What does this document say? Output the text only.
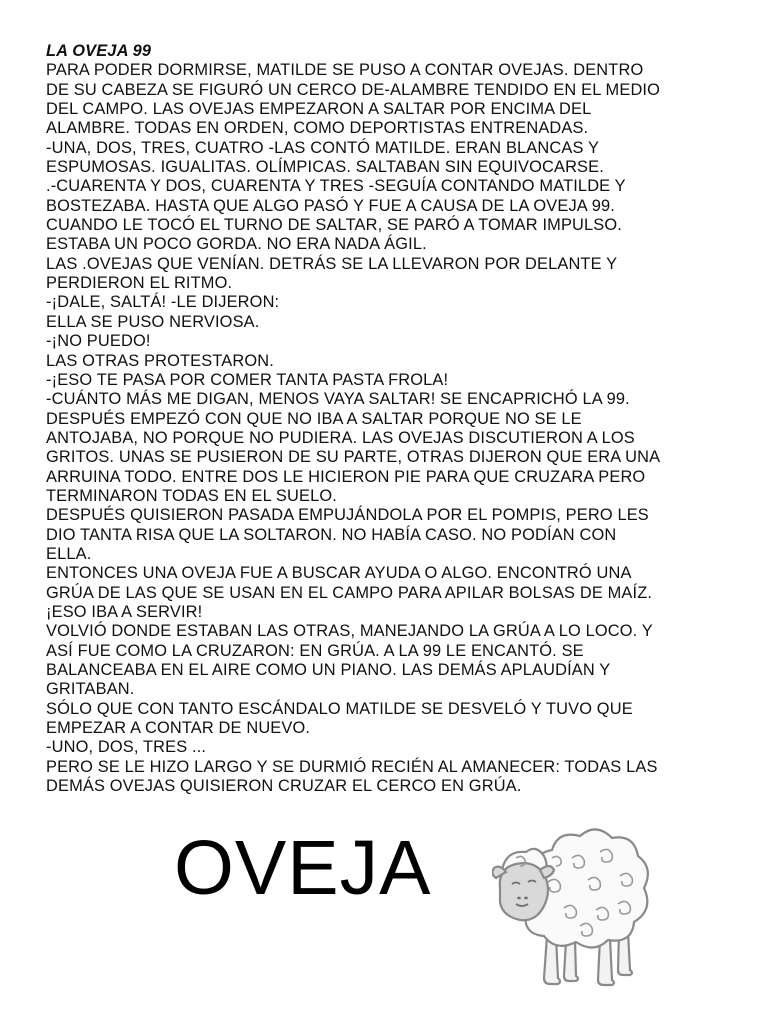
LA OVEJA 99
PARA PODER DORMIRSE, MATILDE SE PUSO A CONTAR OVEJAS. DENTRO
DE SU CABEZA SE FIGURÓ UN CERCO DE-ALAMBRE TENDIDO EN EL MEDIO
DEL CAMPO. LAS OVEJAS EMPEZARON A SALTAR POR ENCIMA DEL
ALAMBRE. TODAS EN ORDEN, COMO DEPORTISTAS ENTRENADAS.
-UNA, DOS, TRES, CUATRO -LAS CONTÓ MATILDE. ERAN BLANCAS Y
ESPUMOSAS. IGUALITAS. OLÍMPICAS. SALTABAN SIN EQUIVOCARSE.
.-CUARENTA Y DOS, CUARENTA Y TRES -SEGUÍA CONTANDO MATILDE Y
BOSTEZABA. HASTA QUE ALGO PASÓ Y FUE A CAUSA DE LA OVEJA 99.
CUANDO LE TOCÓ EL TURNO DE SALTAR, SE PARÓ A TOMAR IMPULSO.
ESTABA UN POCO GORDA. NO ERA NADA ÁGIL.
LAS .OVEJAS QUE VENÍAN. DETRÁS SE LA LLEVARON POR DELANTE Y
PERDIERON EL RITMO.
-¡DALE, SALTÁ! -LE DIJERON:
ELLA SE PUSO NERVIOSA.
-¡NO PUEDO!
LAS OTRAS PROTESTARON.
-¡ESO TE PASA POR COMER TANTA PASTA FROLA!
-CUÁNTO MÁS ME DIGAN, MENOS VAYA SALTAR! SE ENCAPRICHÓ LA 99.
DESPUÉS EMPEZÓ CON QUE NO IBA A SALTAR PORQUE NO SE LE
ANTOJABA, NO PORQUE NO PUDIERA. LAS OVEJAS DISCUTIERON A LOS
GRITOS. UNAS SE PUSIERON DE SU PARTE, OTRAS DIJERON QUE ERA UNA
ARRUINA TODO. ENTRE DOS LE HICIERON PIE PARA QUE CRUZARA PERO
TERMINARON TODAS EN EL SUELO.
DESPUÉS QUISIERON PASADA EMPUJÁNDOLA POR EL POMPIS, PERO LES
DIO TANTA RISA QUE LA SOLTARON. NO HABÍA CASO. NO PODÍAN CON
ELLA.
ENTONCES UNA OVEJA FUE A BUSCAR AYUDA O ALGO. ENCONTRÓ UNA
GRÚA DE LAS QUE SE USAN EN EL CAMPO PARA APILAR BOLSAS DE MAÍZ.
¡ESO IBA A SERVIR!
VOLVIÓ DONDE ESTABAN LAS OTRAS, MANEJANDO LA GRÚA A LO LOCO. Y
ASÍ FUE COMO LA CRUZARON: EN GRÚA. A LA 99 LE ENCANTÓ. SE
BALANCEABA EN EL AIRE COMO UN PIANO. LAS DEMÁS APLAUDÍAN Y
GRITABAN.
SÓLO QUE CON TANTO ESCÁNDALO MATILDE SE DESVELÓ Y TUVO QUE
EMPEZAR A CONTAR DE NUEVO.
-UNO, DOS, TRES ...
PERO SE LE HIZO LARGO Y SE DURMIÓ RECIÉN AL AMANECER: TODAS LAS
DEMÁS OVEJAS QUISIERON CRUZAR EL CERCO EN GRÚA.
OVEJA
